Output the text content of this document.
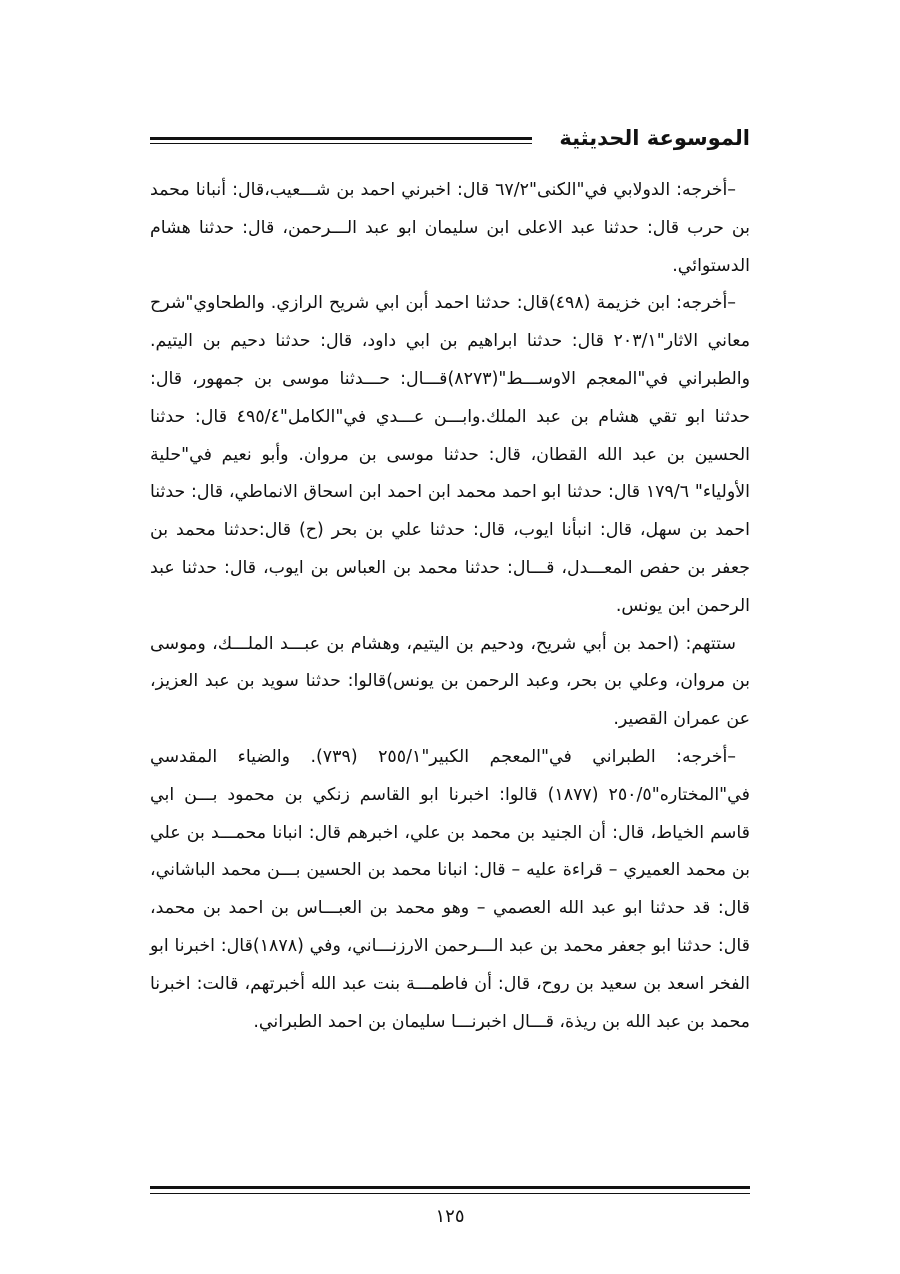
الموسوعة الحديثية

–أخرجه: الدولابي في"الكنى"٦٧/٢ قال: اخبرني احمد بن شـــعيب،قال: أنبانا محمد بن حرب قال: حدثنا عبد الاعلى ابن سليمان ابو عبد الـــرحمن، قال: حدثنا هشام الدستوائي.

–أخرجه: ابن خزيمة (٤٩٨)قال: حدثنا احمد أبن ابي شريح الرازي. والطحاوي"شرح معاني الاثار"٢٠٣/١ قال: حدثنا ابراهيم بن ابي داود، قال: حدثنا دحيم بن اليتيم. والطبراني في"المعجم الاوســـط"(٨٢٧٣)قـــال: حـــدثنا موسى بن جمهور، قال: حدثنا ابو تقي هشام بن عبد الملك.وابـــن عـــدي في"الكامل"٤٩٥/٤ قال: حدثنا الحسين بن عبد الله القطان، قال: حدثنا موسى بن مروان. وأبو نعيم في"حلية الأولياء" ١٧٩/٦ قال: حدثنا ابو احمد محمد ابن احمد ابن اسحاق الانماطي، قال: حدثنا احمد بن سهل، قال: انبأنا ايوب، قال: حدثنا علي بن بحر (ح) قال:حدثنا محمد بن جعفر بن حفص المعـــدل، قـــال: حدثنا محمد بن العباس بن ايوب، قال: حدثنا عبد الرحمن ابن يونس.

ستتهم: (احمد بن أبي شريح، ودحيم بن اليتيم، وهشام بن عبـــد الملـــك، وموسى بن مروان، وعلي بن بحر، وعبد الرحمن بن يونس)قالوا: حدثنا سويد بن عبد العزيز، عن عمران القصير.

–أخرجه: الطبراني في"المعجم الكبير"٢٥٥/١ (٧٣٩). والضياء المقدسي في"المختاره"٢٥٠/٥ (١٨٧٧) قالوا: اخبرنا ابو القاسم زنكي بن محمود بـــن ابي قاسم الخياط، قال: أن الجنيد بن محمد بن علي، اخبرهم قال: انبانا محمـــد بن علي بن محمد العميري – قراءة عليه – قال: انبانا محمد بن الحسين بـــن محمد الباشاني، قال: قد حدثنا ابو عبد الله العصمي – وهو محمد بن العبـــاس بن احمد بن محمد، قال: حدثنا ابو جعفر محمد بن عبد الـــرحمن الارزنـــاني، وفي (١٨٧٨)قال: اخبرنا ابو الفخر اسعد بن سعيد بن روح، قال: أن فاطمـــة بنت عبد الله أخبرتهم، قالت: اخبرنا محمد بن عبد الله بن ريذة، قـــال اخبرنـــا سليمان بن احمد الطبراني.

١٢٥
